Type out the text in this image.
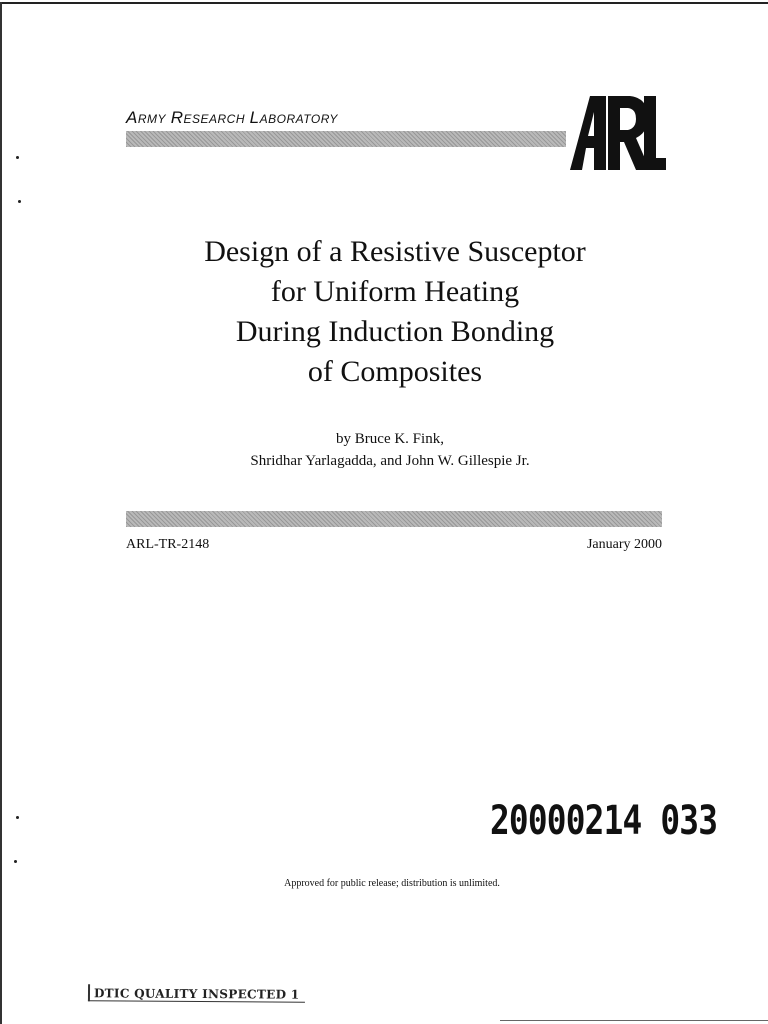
ARMY RESEARCH LABORATORY
Design of a Resistive Susceptor
for Uniform Heating
During Induction Bonding
of Composites
by Bruce K. Fink,
Shridhar Yarlagadda, and John W. Gillespie Jr.
ARL-TR-2148	January 2000
20000214 033
Approved for public release; distribution is unlimited.
DTIC QUALITY INSPECTED 1
